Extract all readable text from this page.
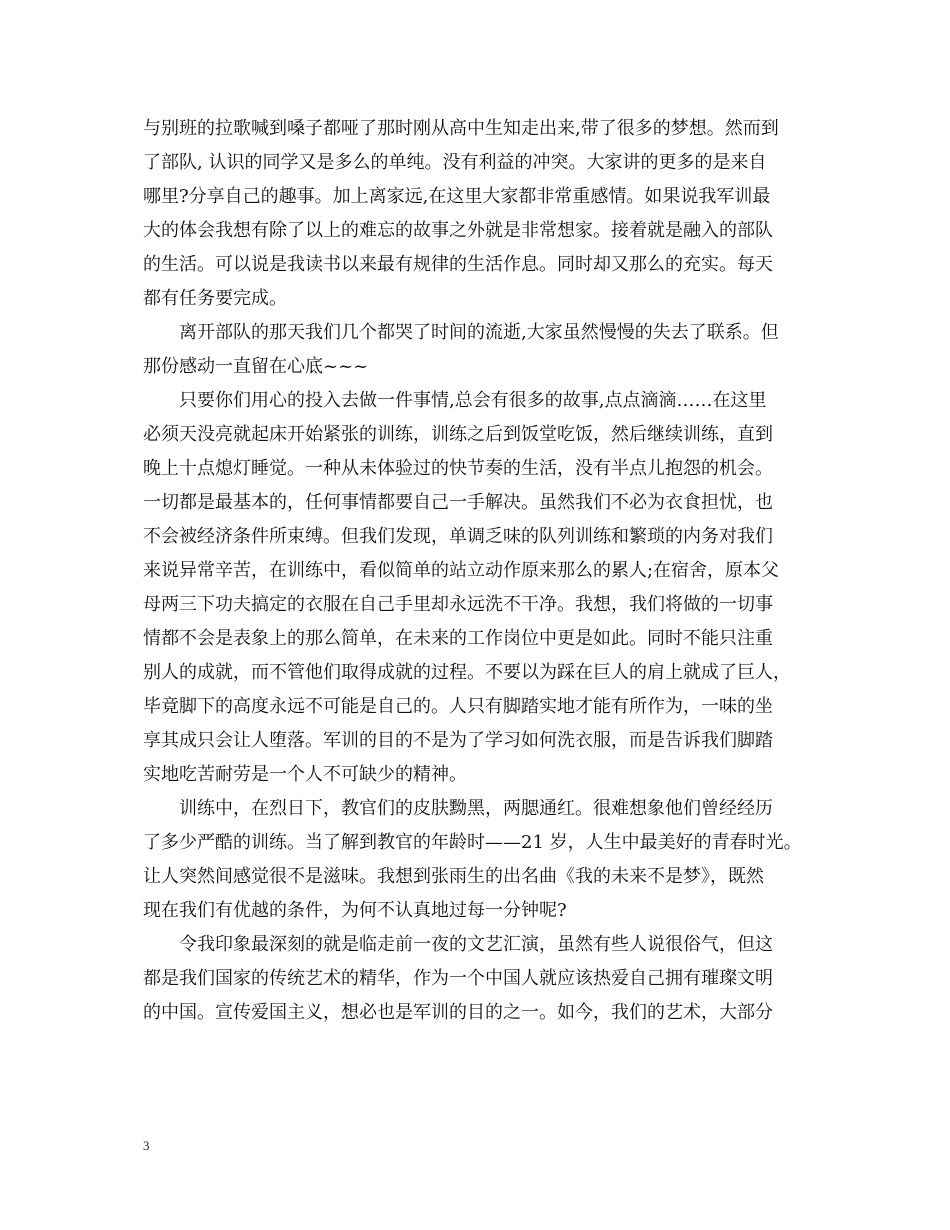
与别班的拉歌喊到嗓子都哑了那时刚从高中生知走出来,带了很多的梦想。然而到
了部队, 认识的同学又是多么的单纯。没有利益的冲突。大家讲的更多的是来自
哪里?分享自己的趣事。加上离家远,在这里大家都非常重感情。如果说我军训最
大的体会我想有除了以上的难忘的故事之外就是非常想家。接着就是融入的部队
的生活。可以说是我读书以来最有规律的生活作息。同时却又那么的充实。每天
都有任务要完成。
离开部队的那天我们几个都哭了时间的流逝,大家虽然慢慢的失去了联系。但
那份感动一直留在心底~~~
只要你们用心的投入去做一件事情,总会有很多的故事,点点滴滴……在这里
必须天没亮就起床开始紧张的训练，训练之后到饭堂吃饭，然后继续训练，直到
晚上十点熄灯睡觉。一种从未体验过的快节奏的生活，没有半点儿抱怨的机会。
一切都是最基本的，任何事情都要自己一手解决。虽然我们不必为衣食担忧，也
不会被经济条件所束缚。但我们发现，单调乏味的队列训练和繁琐的内务对我们
来说异常辛苦，在训练中，看似简单的站立动作原来那么的累人;在宿舍，原本父
母两三下功夫搞定的衣服在自己手里却永远洗不干净。我想，我们将做的一切事
情都不会是表象上的那么简单，在未来的工作岗位中更是如此。同时不能只注重
别人的成就，而不管他们取得成就的过程。不要以为踩在巨人的肩上就成了巨人，
毕竟脚下的高度永远不可能是自己的。人只有脚踏实地才能有所作为，一味的坐
享其成只会让人堕落。军训的目的不是为了学习如何洗衣服，而是告诉我们脚踏
实地吃苦耐劳是一个人不可缺少的精神。
训练中，在烈日下，教官们的皮肤黝黑，两腮通红。很难想象他们曾经经历
了多少严酷的训练。当了解到教官的年龄时——21 岁，人生中最美好的青春时光。
让人突然间感觉很不是滋味。我想到张雨生的出名曲《我的未来不是梦》，既然
现在我们有优越的条件，为何不认真地过每一分钟呢?
令我印象最深刻的就是临走前一夜的文艺汇演，虽然有些人说很俗气，但这
都是我们国家的传统艺术的精华，作为一个中国人就应该热爱自己拥有璀璨文明
的中国。宣传爱国主义，想必也是军训的目的之一。如今，我们的艺术，大部分
3
